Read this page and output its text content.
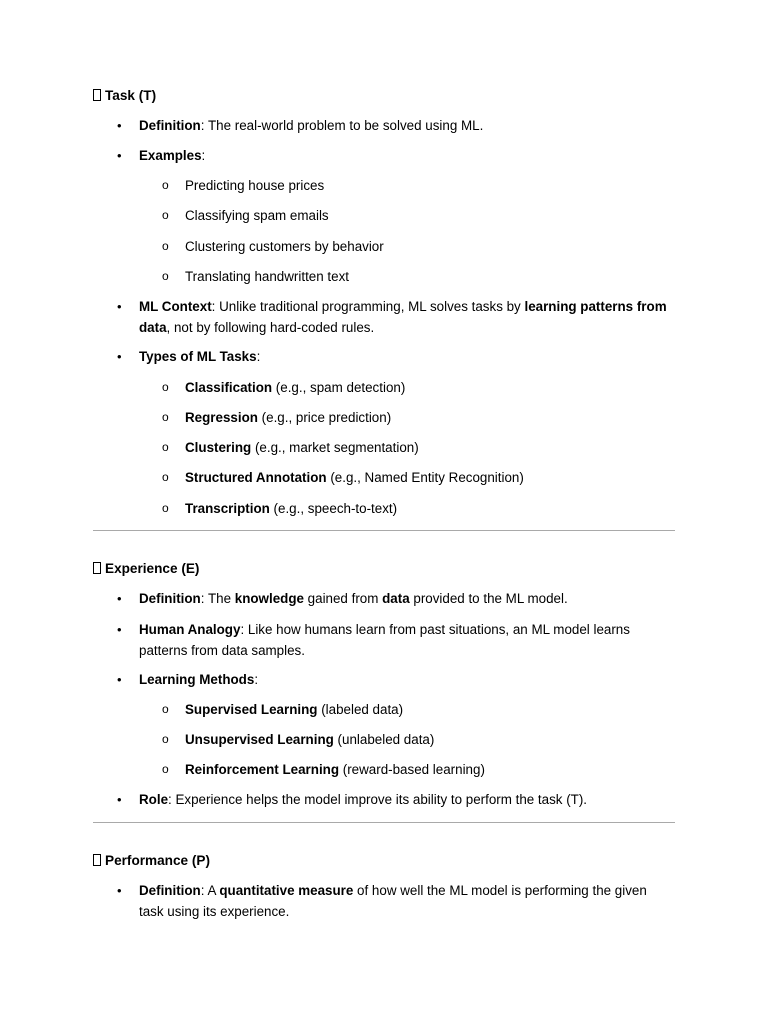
Task (T)
• Definition: The real-world problem to be solved using ML.
• Examples:
o Predicting house prices
o Classifying spam emails
o Clustering customers by behavior
o Translating handwritten text
• ML Context: Unlike traditional programming, ML solves tasks by learning patterns from data, not by following hard-coded rules.
• Types of ML Tasks:
o Classification (e.g., spam detection)
o Regression (e.g., price prediction)
o Clustering (e.g., market segmentation)
o Structured Annotation (e.g., Named Entity Recognition)
o Transcription (e.g., speech-to-text)
Experience (E)
• Definition: The knowledge gained from data provided to the ML model.
• Human Analogy: Like how humans learn from past situations, an ML model learns patterns from data samples.
• Learning Methods:
o Supervised Learning (labeled data)
o Unsupervised Learning (unlabeled data)
o Reinforcement Learning (reward-based learning)
• Role: Experience helps the model improve its ability to perform the task (T).
Performance (P)
• Definition: A quantitative measure of how well the ML model is performing the given task using its experience.
